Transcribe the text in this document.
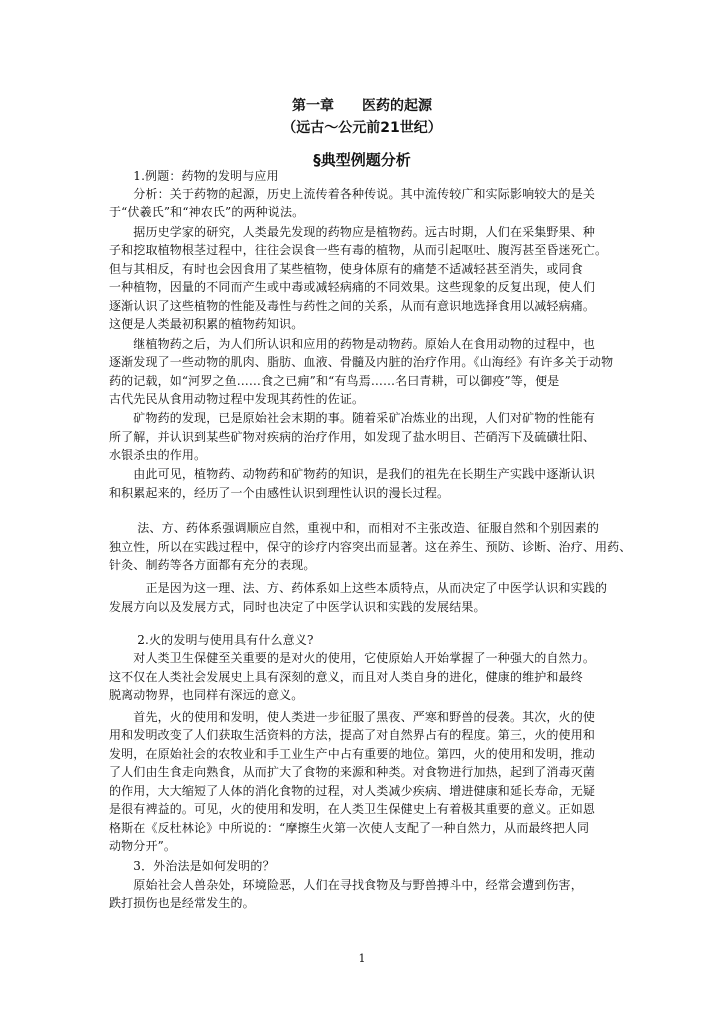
第一章　　医药的起源
（远古～公元前21世纪）
§典型例题分析
　　1.例题：药物的发明与应用
　　分析：关于药物的起源，历史上流传着各种传说。其中流传较广和实际影响较大的是关
于“伏羲氏”和“神农氏”的两种说法。
　　据历史学家的研究，人类最先发现的药物应是植物药。远古时期，人们在采集野果、种
子和挖取植物根茎过程中，往往会误食一些有毒的植物，从而引起呕吐、腹泻甚至昏迷死亡。
但与其相反，有时也会因食用了某些植物，使身体原有的痛楚不适减轻甚至消失，或同食
一种植物，因量的不同而产生或中毒或减轻病痛的不同效果。这些现象的反复出现，使人们
逐渐认识了这些植物的性能及毒性与药性之间的关系，从而有意识地选择食用以减轻病痛。
这便是人类最初积累的植物药知识。
　　继植物药之后，为人们所认识和应用的药物是动物药。原始人在食用动物的过程中，也
逐渐发现了一些动物的肌肉、脂肪、血液、骨髓及内脏的治疗作用。《山海经》有许多关于动物
药的记载，如“河罗之鱼……食之已痈”和“有鸟焉……名曰青耕，可以御疫”等，便是
古代先民从食用动物过程中发现其药性的佐证。
　　矿物药的发现，已是原始社会末期的事。随着采矿冶炼业的出现，人们对矿物的性能有
所了解，并认识到某些矿物对疾病的治疗作用，如发现了盐水明目、芒硝泻下及硫磺壮阳、
水银杀虫的作用。
　　由此可见，植物药、动物药和矿物药的知识，是我们的祖先在长期生产实践中逐渐认识
和积累起来的，经历了一个由感性认识到理性认识的漫长过程。
　　 法、方、药体系强调顺应自然，重视中和，而相对不主张改造、征服自然和个别因素的
独立性，所以在实践过程中，保守的诊疗内容突出而显著。这在养生、预防、诊断、治疗、用药、
针灸、制药等各方面都有充分的表现。
　　　正是因为这一理、法、方、药体系如上这些本质特点，从而决定了中医学认识和实践的
发展方向以及发展方式，同时也决定了中医学认识和实践的发展结果。
　　 2.火的发明与使用具有什么意义?
　　对人类卫生保健至关重要的是对火的使用，它使原始人开始掌握了一种强大的自然力。
这不仅在人类社会发展史上具有深刻的意义，而且对人类自身的进化，健康的维护和最终
脱离动物界，也同样有深远的意义。
　　首先，火的使用和发明，使人类进一步征服了黑夜、严寒和野兽的侵袭。其次，火的使
用和发明改变了人们获取生活资料的方法，提高了对自然界占有的程度。第三，火的使用和
发明，在原始社会的农牧业和手工业生产中占有重要的地位。第四，火的使用和发明，推动
了人们由生食走向熟食，从而扩大了食物的来源和种类。对食物进行加热，起到了消毒灭菌
的作用，大大缩短了人体的消化食物的过程，对人类减少疾病、增进健康和延长寿命，无疑
是很有裨益的。可见，火的使用和发明，在人类卫生保健史上有着极其重要的意义。正如恩
格斯在《反杜林论》中所说的：“摩擦生火第一次使人支配了一种自然力，从而最终把人同
动物分开”。
　　3．外治法是如何发明的？
　　原始社会人兽杂处，环境险恶，人们在寻找食物及与野兽搏斗中，经常会遭到伤害，
跌打损伤也是经常发生的。
1
